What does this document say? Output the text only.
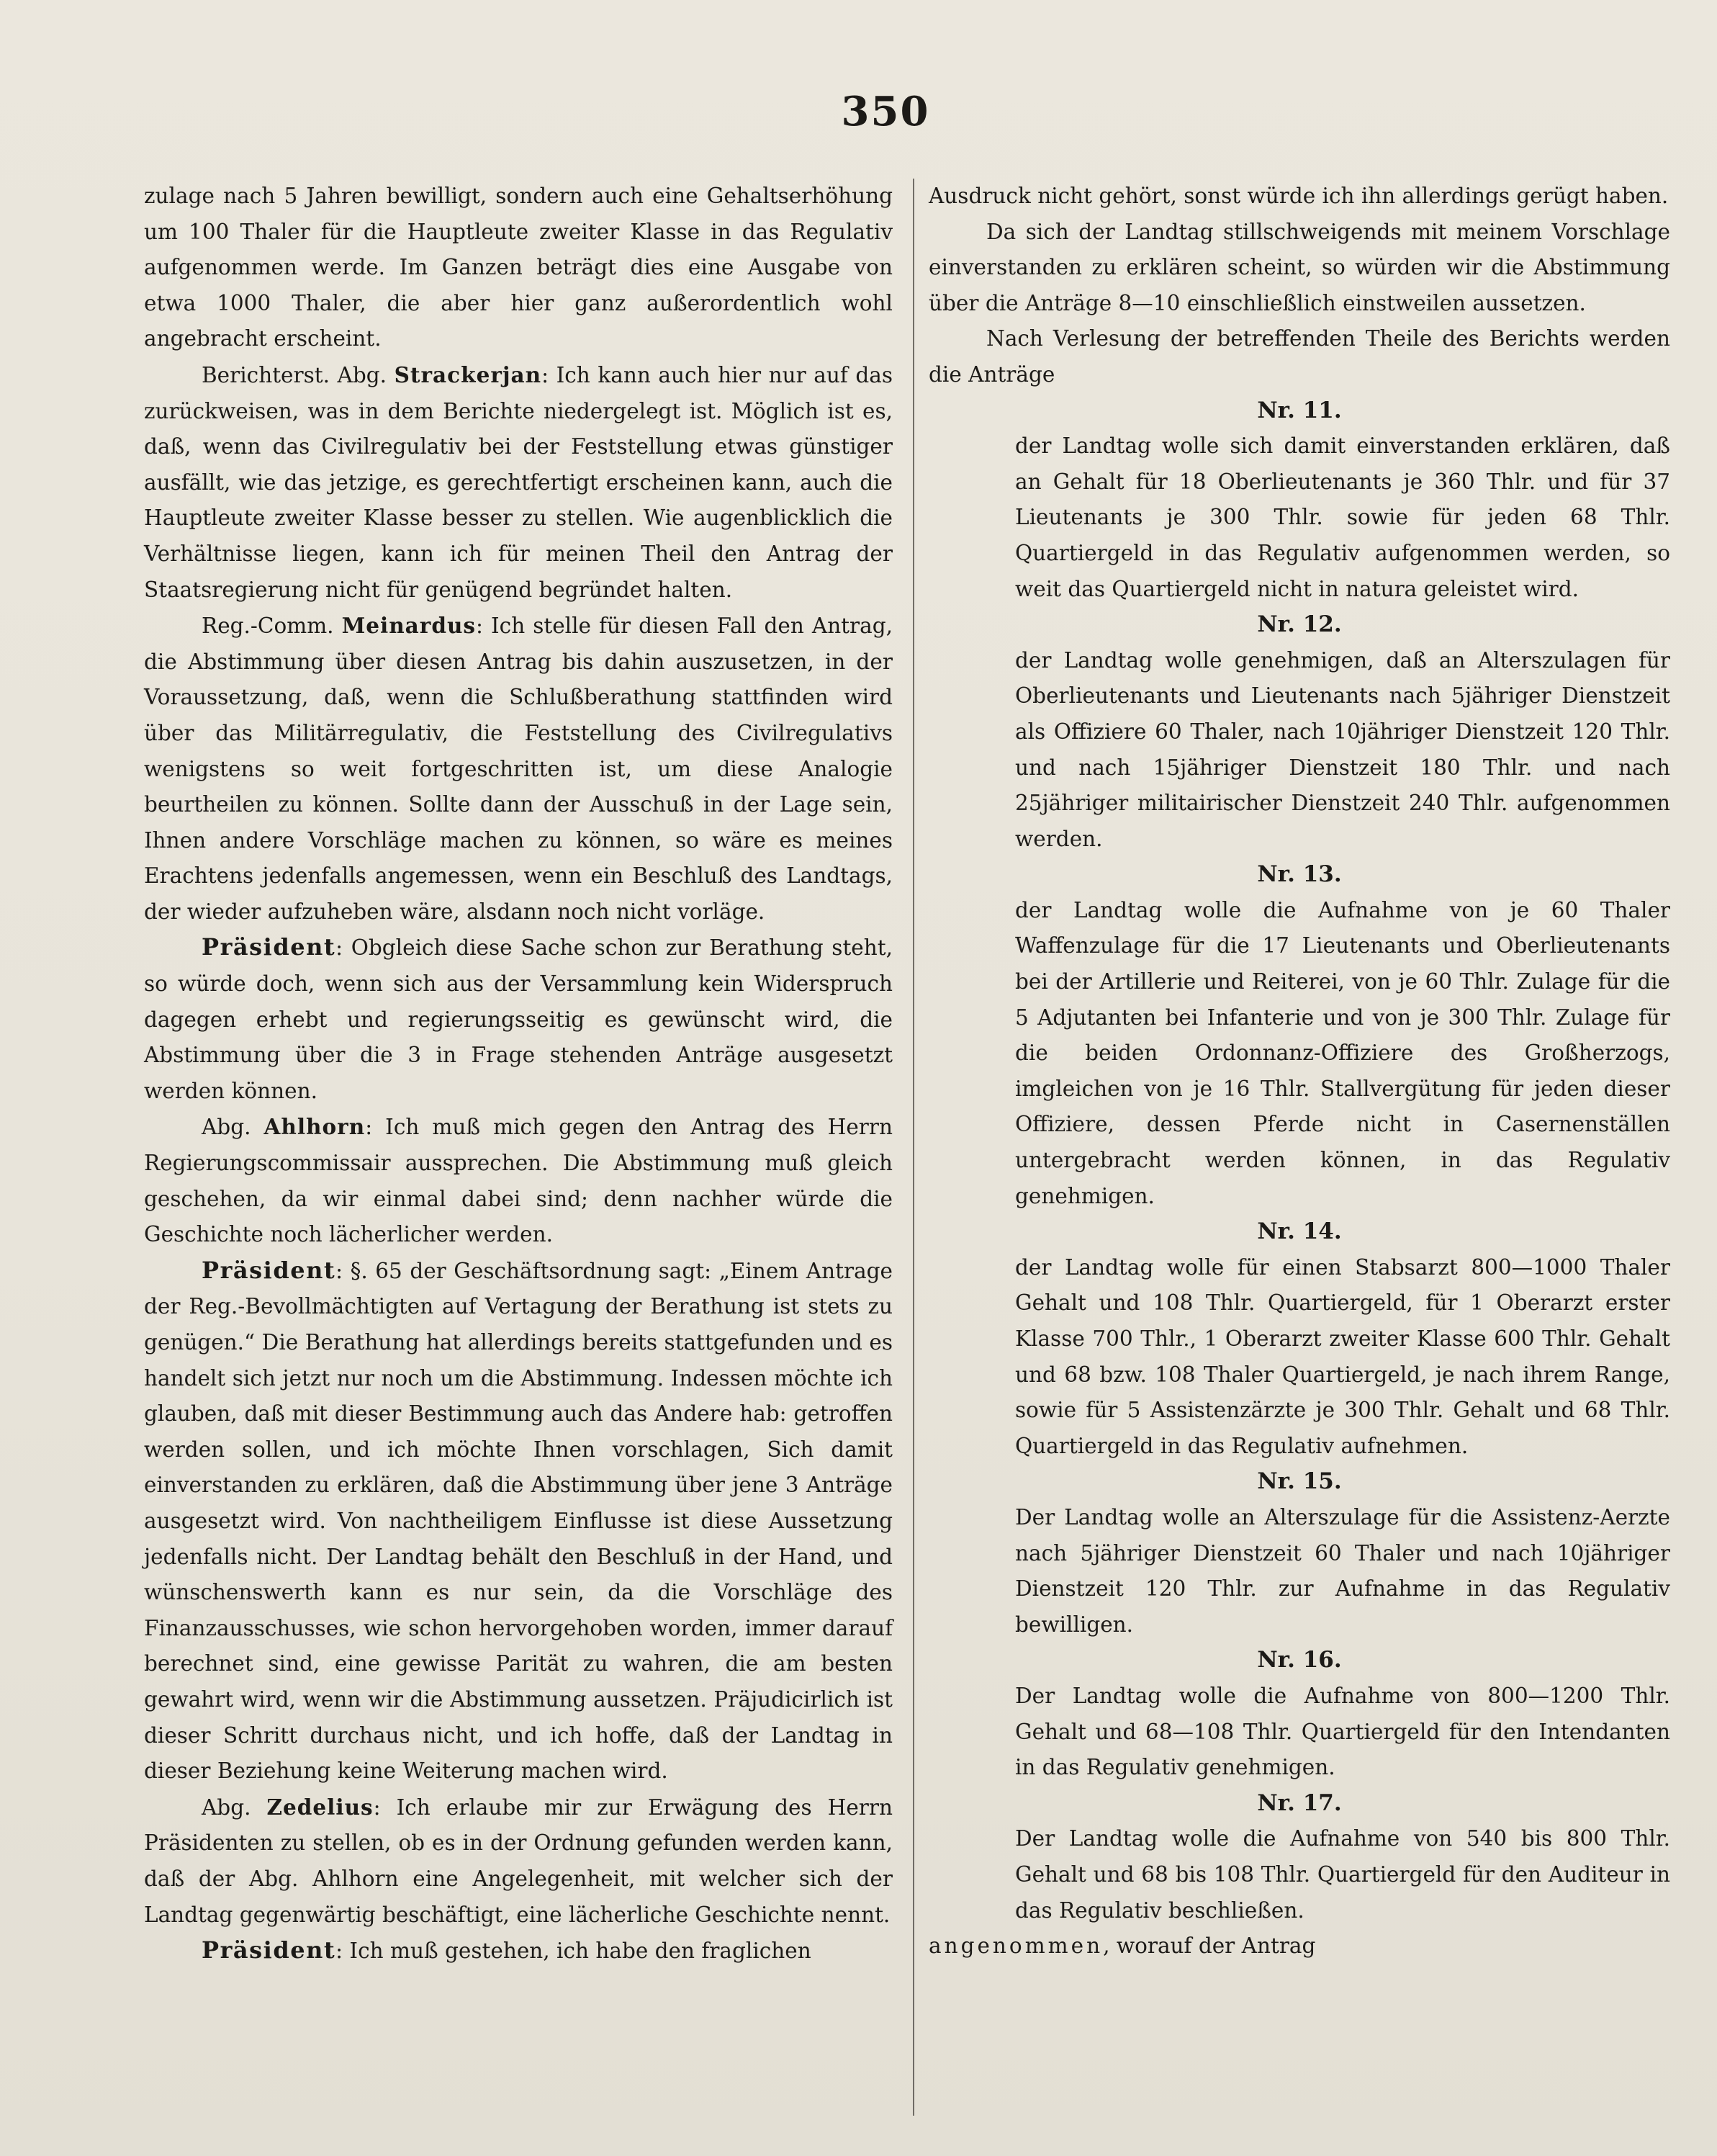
350

zulage nach 5 Jahren bewilligt, sondern auch eine Gehaltserhöhung um 100 Thaler für die Hauptleute zweiter Klasse in das Regulativ aufgenommen werde. Im Ganzen beträgt dies eine Ausgabe von etwa 1000 Thaler, die aber hier ganz außerordentlich wohl angebracht erscheint.

Berichterst. Abg. Strackerjan: Ich kann auch hier nur auf das zurückweisen, was in dem Berichte niedergelegt ist. Möglich ist es, daß, wenn das Civilregulativ bei der Feststellung etwas günstiger ausfällt, wie das jetzige, es gerechtfertigt erscheinen kann, auch die Hauptleute zweiter Klasse besser zu stellen. Wie augenblicklich die Verhältnisse liegen, kann ich für meinen Theil den Antrag der Staatsregierung nicht für genügend begründet halten.

Reg.-Comm. Meinardus: Ich stelle für diesen Fall den Antrag, die Abstimmung über diesen Antrag bis dahin auszusetzen, in der Voraussetzung, daß, wenn die Schlußberathung stattfinden wird über das Militärregulativ, die Feststellung des Civilregulativs wenigstens so weit fortgeschritten ist, um diese Analogie beurtheilen zu können. Sollte dann der Ausschuß in der Lage sein, Ihnen andere Vorschläge machen zu können, so wäre es meines Erachtens jedenfalls angemessen, wenn ein Beschluß des Landtags, der wieder aufzuheben wäre, alsdann noch nicht vorläge.

Präsident: Obgleich diese Sache schon zur Berathung steht, so würde doch, wenn sich aus der Versammlung kein Widerspruch dagegen erhebt und regierungsseitig es gewünscht wird, die Abstimmung über die 3 in Frage stehenden Anträge ausgesetzt werden können.

Abg. Ahlhorn: Ich muß mich gegen den Antrag des Herrn Regierungscommissair aussprechen. Die Abstimmung muß gleich geschehen, da wir einmal dabei sind; denn nachher würde die Geschichte noch lächerlicher werden.

Präsident: §. 65 der Geschäftsordnung sagt: „Einem Antrage der Reg.-Bevollmächtigten auf Vertagung der Berathung ist stets zu genügen.“ Die Berathung hat allerdings bereits stattgefunden und es handelt sich jetzt nur noch um die Abstimmung. Indessen möchte ich glauben, daß mit dieser Bestimmung auch das Andere hab: getroffen werden sollen, und ich möchte Ihnen vorschlagen, Sich damit einverstanden zu erklären, daß die Abstimmung über jene 3 Anträge ausgesetzt wird. Von nachtheiligem Einflusse ist diese Aussetzung jedenfalls nicht. Der Landtag behält den Beschluß in der Hand, und wünschenswerth kann es nur sein, da die Vorschläge des Finanzausschusses, wie schon hervorgehoben worden, immer darauf berechnet sind, eine gewisse Parität zu wahren, die am besten gewahrt wird, wenn wir die Abstimmung aussetzen. Präjudicirlich ist dieser Schritt durchaus nicht, und ich hoffe, daß der Landtag in dieser Beziehung keine Weiterung machen wird.

Abg. Zedelius: Ich erlaube mir zur Erwägung des Herrn Präsidenten zu stellen, ob es in der Ordnung gefunden werden kann, daß der Abg. Ahlhorn eine Angelegenheit, mit welcher sich der Landtag gegenwärtig beschäftigt, eine lächerliche Geschichte nennt.

Präsident: Ich muß gestehen, ich habe den fraglichen

Ausdruck nicht gehört, sonst würde ich ihn allerdings gerügt haben.

Da sich der Landtag stillschweigends mit meinem Vorschlage einverstanden zu erklären scheint, so würden wir die Abstimmung über die Anträge 8—10 einschließlich einstweilen aussetzen.

Nach Verlesung der betreffenden Theile des Berichts werden die Anträge

Nr. 11.

der Landtag wolle sich damit einverstanden erklären, daß an Gehalt für 18 Oberlieutenants je 360 Thlr. und für 37 Lieutenants je 300 Thlr. sowie für jeden 68 Thlr. Quartiergeld in das Regulativ aufgenommen werden, so weit das Quartiergeld nicht in natura geleistet wird.

Nr. 12.

der Landtag wolle genehmigen, daß an Alterszulagen für Oberlieutenants und Lieutenants nach 5jähriger Dienstzeit als Offiziere 60 Thaler, nach 10jähriger Dienstzeit 120 Thlr. und nach 15jähriger Dienstzeit 180 Thlr. und nach 25jähriger militairischer Dienstzeit 240 Thlr. aufgenommen werden.

Nr. 13.

der Landtag wolle die Aufnahme von je 60 Thaler Waffenzulage für die 17 Lieutenants und Oberlieutenants bei der Artillerie und Reiterei, von je 60 Thlr. Zulage für die 5 Adjutanten bei Infanterie und von je 300 Thlr. Zulage für die beiden Ordonnanz-Offiziere des Großherzogs, imgleichen von je 16 Thlr. Stallvergütung für jeden dieser Offiziere, dessen Pferde nicht in Casernenställen untergebracht werden können, in das Regulativ genehmigen.

Nr. 14.

der Landtag wolle für einen Stabsarzt 800—1000 Thaler Gehalt und 108 Thlr. Quartiergeld, für 1 Oberarzt erster Klasse 700 Thlr., 1 Oberarzt zweiter Klasse 600 Thlr. Gehalt und 68 bzw. 108 Thaler Quartiergeld, je nach ihrem Range, sowie für 5 Assistenzärzte je 300 Thlr. Gehalt und 68 Thlr. Quartiergeld in das Regulativ aufnehmen.

Nr. 15.

Der Landtag wolle an Alterszulage für die Assistenz-Aerzte nach 5jähriger Dienstzeit 60 Thaler und nach 10jähriger Dienstzeit 120 Thlr. zur Aufnahme in das Regulativ bewilligen.

Nr. 16.

Der Landtag wolle die Aufnahme von 800—1200 Thlr. Gehalt und 68—108 Thlr. Quartiergeld für den Intendanten in das Regulativ genehmigen.

Nr. 17.

Der Landtag wolle die Aufnahme von 540 bis 800 Thlr. Gehalt und 68 bis 108 Thlr. Quartiergeld für den Auditeur in das Regulativ beschließen.

angenommen, worauf der Antrag
